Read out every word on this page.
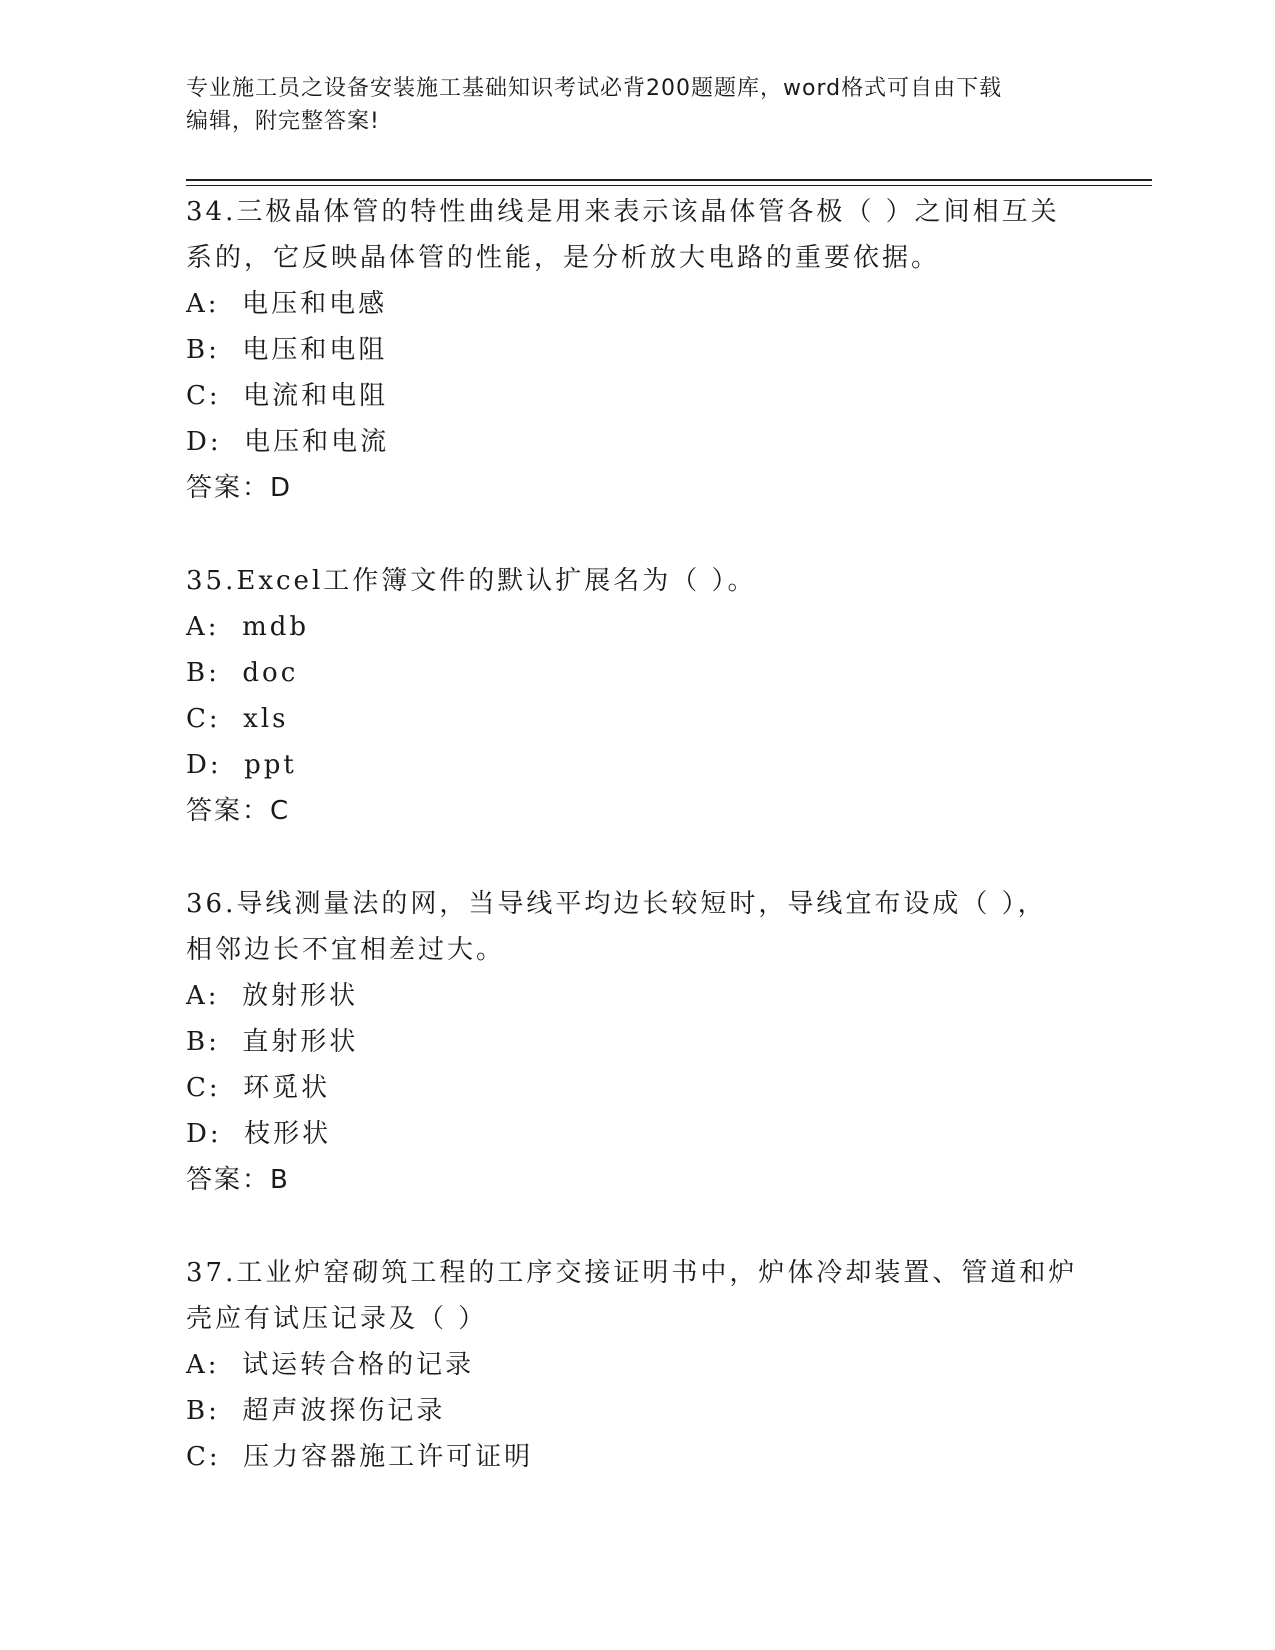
专业施工员之设备安装施工基础知识考试必背200题题库，word格式可自由下载
编辑，附完整答案!
34.三极晶体管的特性曲线是用来表示该晶体管各极（ ）之间相互关
系的，它反映晶体管的性能，是分析放大电路的重要依据。
A:  电压和电感
B:  电压和电阻
C:  电流和电阻
D:  电压和电流
答案：D
35.Excel工作簿文件的默认扩展名为（ ）。
A:  mdb
B:  doc
C:  xls
D:  ppt
答案：C
36.导线测量法的网，当导线平均边长较短时，导线宜布设成（ ），
相邻边长不宜相差过大。
A:  放射形状
B:  直射形状
C:  环觅状
D:  枝形状
答案：B
37.工业炉窑砌筑工程的工序交接证明书中，炉体冷却装置、管道和炉
壳应有试压记录及（ ）
A:  试运转合格的记录
B:  超声波探伤记录
C:  压力容器施工许可证明
